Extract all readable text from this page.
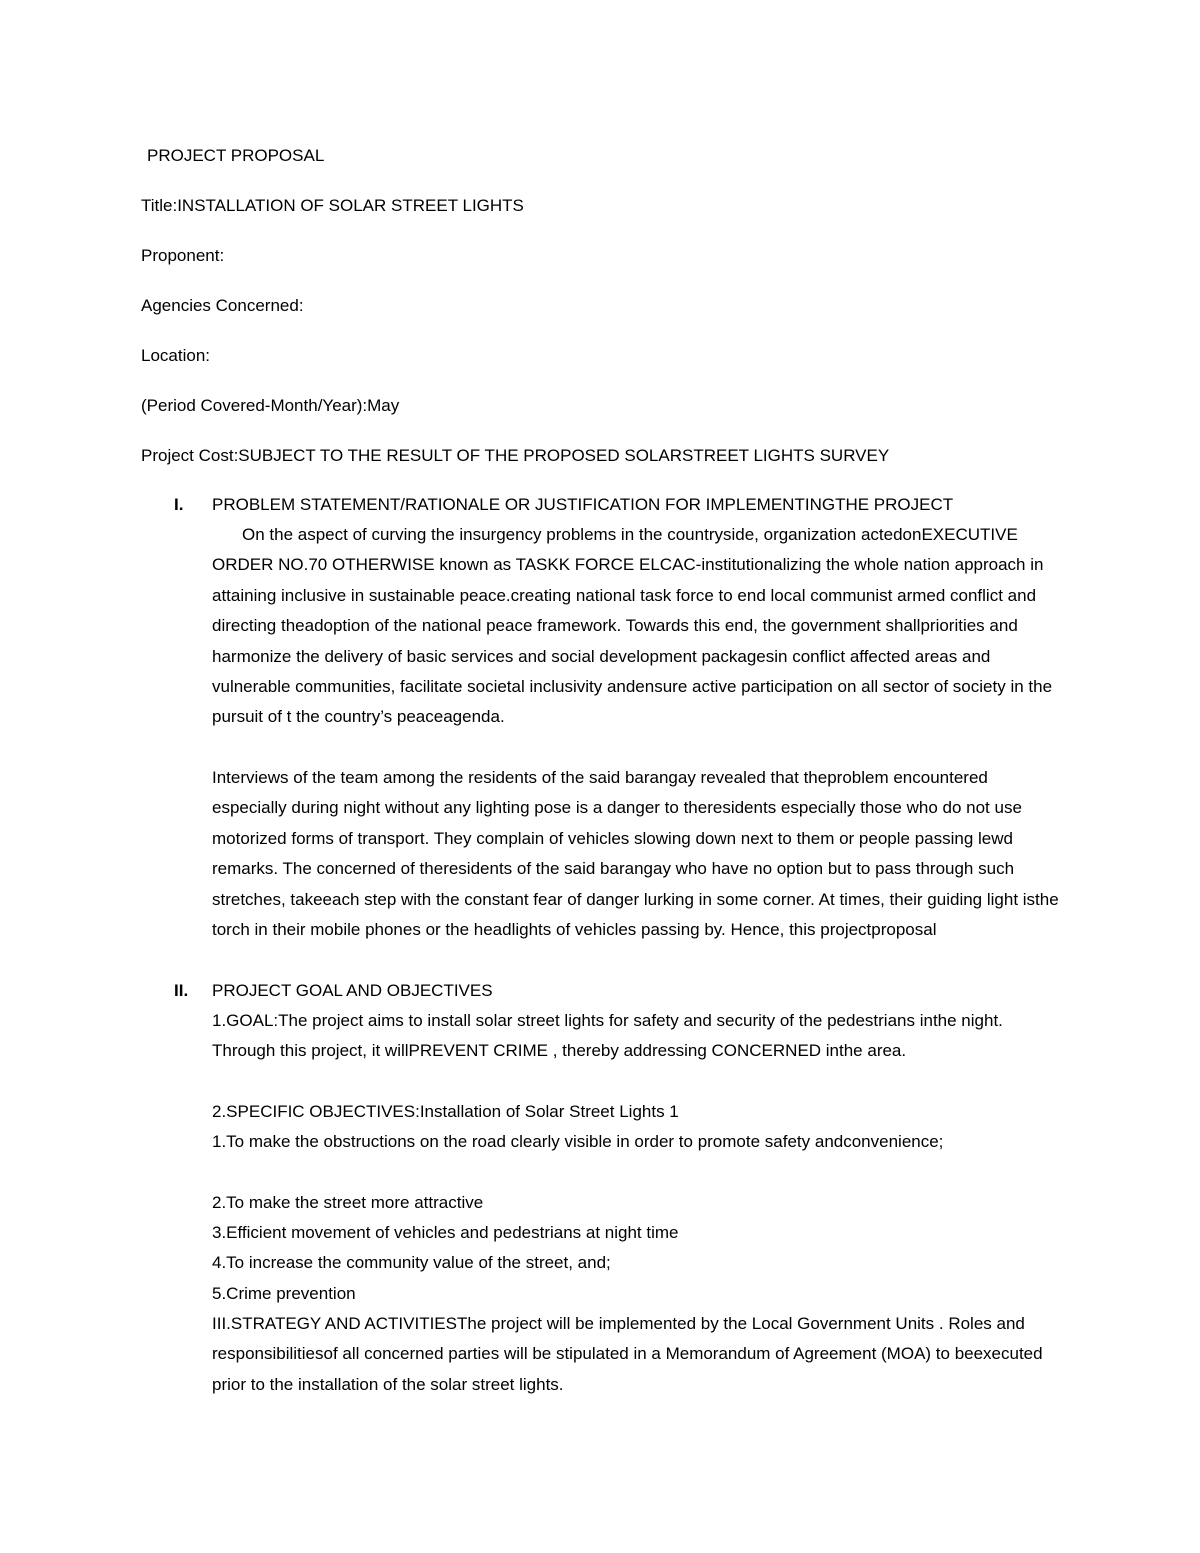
PROJECT PROPOSAL
Title:INSTALLATION OF SOLAR STREET LIGHTS
Proponent:
Agencies Concerned:
Location:
(Period Covered-Month/Year):May
Project Cost:SUBJECT TO THE RESULT OF THE PROPOSED SOLARSTREET LIGHTS SURVEY
I. PROBLEM STATEMENT/RATIONALE OR JUSTIFICATION FOR IMPLEMENTINGTHE PROJECT

On the aspect of curving the insurgency problems in the countryside, organization actedonEXECUTIVE ORDER NO.70 OTHERWISE known as TASKK FORCE ELCAC-institutionalizing the whole nation approach in attaining inclusive in sustainable peace.creating national task force to end local communist armed conflict and directing theadoption of the national peace framework. Towards this end, the government shallpriorities and harmonize the delivery of basic services and social development packagesin conflict affected areas and vulnerable communities, facilitate societal inclusivity andensure active participation on all sector of society in the pursuit of t the country’s peaceagenda.

Interviews of the team among the residents of the said barangay revealed that theproblem encountered especially during night without any lighting pose is a danger to theresidents especially those who do not use motorized forms of transport. They complain of vehicles slowing down next to them or people passing lewd remarks. The concerned of theresidents of the said barangay who have no option but to pass through such stretches, takeeach step with the constant fear of danger lurking in some corner. At times, their guiding light isthe torch in their mobile phones or the headlights of vehicles passing by. Hence, this projectproposal

II. PROJECT GOAL AND OBJECTIVES

1.GOAL:The project aims to install solar street lights for safety and security of the pedestrians inthe night. Through this project, it willPREVENT CRIME , thereby addressing CONCERNED inthe area.

2.SPECIFIC OBJECTIVES:Installation of Solar Street Lights 1

1.To make the obstructions on the road clearly visible in order to promote safety andconvenience;

2.To make the street more attractive
3.Efficient movement of vehicles and pedestrians at night time
4.To increase the community value of the street, and;
5.Crime prevention

III.STRATEGY AND ACTIVITIESThe project will be implemented by the Local Government Units . Roles and responsibilitiesof all concerned parties will be stipulated in a Memorandum of Agreement (MOA) to beexecuted prior to the installation of the solar street lights.
